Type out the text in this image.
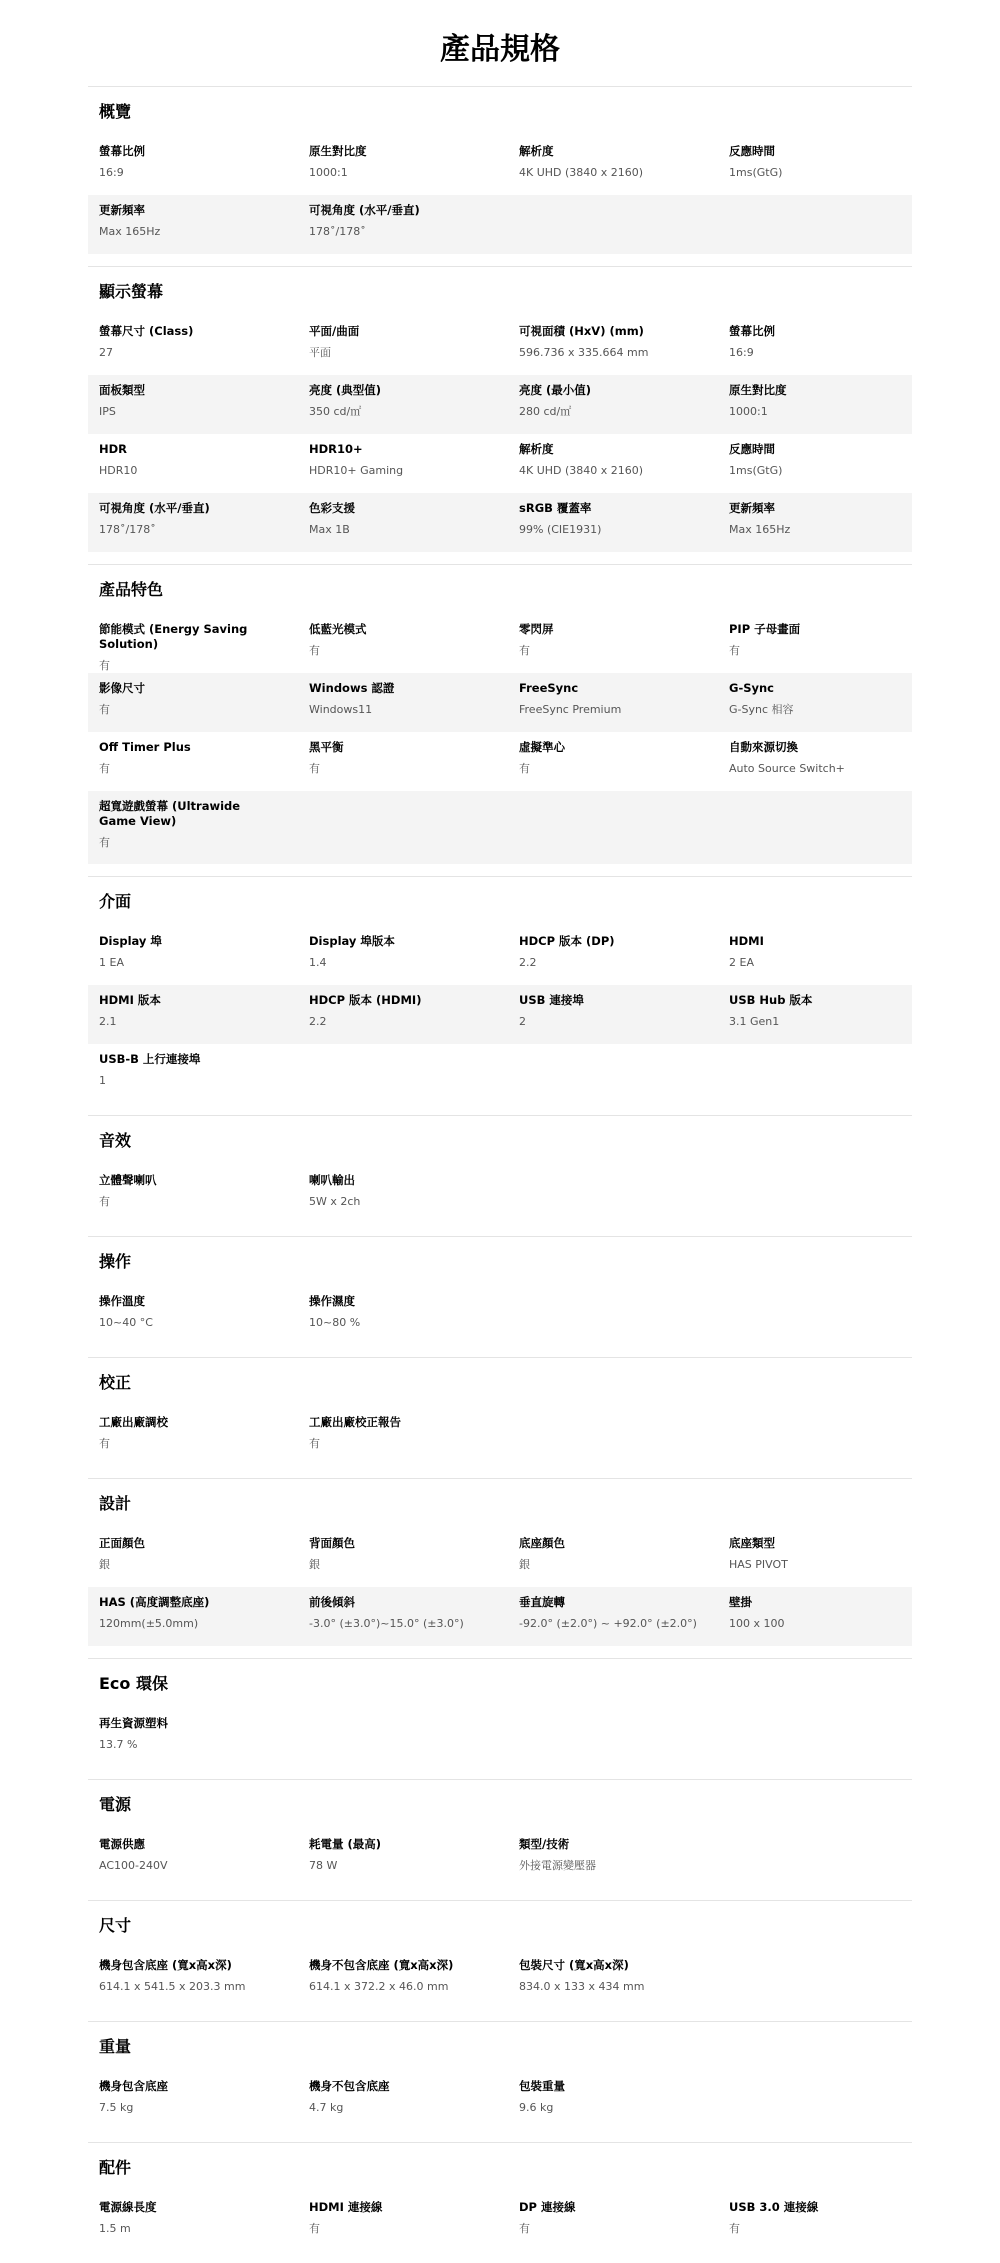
產品規格
概覽
螢幕比例
16:9
原生對比度
1000:1
解析度
4K UHD (3840 x 2160)
反應時間
1ms(GtG)
更新頻率
Max 165Hz
可視角度 (水平/垂直)
178˚/178˚
顯示螢幕
螢幕尺寸 (Class)
27
平面/曲面
平面
可視面積 (HxV) (mm)
596.736 x 335.664 mm
螢幕比例
16:9
面板類型
IPS
亮度 (典型值)
350 cd/㎡
亮度 (最小值)
280 cd/㎡
原生對比度
1000:1
HDR
HDR10
HDR10+
HDR10+ Gaming
解析度
4K UHD (3840 x 2160)
反應時間
1ms(GtG)
可視角度 (水平/垂直)
178˚/178˚
色彩支援
Max 1B
sRGB 覆蓋率
99% (CIE1931)
更新頻率
Max 165Hz
產品特色
節能模式 (Energy Saving Solution)
有
低藍光模式
有
零閃屏
有
PIP 子母畫面
有
影像尺寸
有
Windows 認證
Windows11
FreeSync
FreeSync Premium
G-Sync
G-Sync 相容
Off Timer Plus
有
黑平衡
有
虛擬準心
有
自動來源切換
Auto Source Switch+
超寬遊戲螢幕 (Ultrawide Game View)
有
介面
Display 埠
1 EA
Display 埠版本
1.4
HDCP 版本 (DP)
2.2
HDMI
2 EA
HDMI 版本
2.1
HDCP 版本 (HDMI)
2.2
USB 連接埠
2
USB Hub 版本
3.1 Gen1
USB-B 上行連接埠
1
音效
立體聲喇叭
有
喇叭輸出
5W x 2ch
操作
操作溫度
10~40 °C
操作濕度
10~80 %
校正
工廠出廠調校
有
工廠出廠校正報告
有
設計
正面顏色
銀
背面顏色
銀
底座顏色
銀
底座類型
HAS PIVOT
HAS (高度調整底座)
120mm(±5.0mm)
前後傾斜
-3.0° (±3.0°)~15.0° (±3.0°)
垂直旋轉
-92.0° (±2.0°) ~ +92.0° (±2.0°)
壁掛
100 x 100
Eco 環保
再生資源塑料
13.7 %
電源
電源供應
AC100-240V
耗電量 (最高)
78 W
類型/技術
外接電源變壓器
尺寸
機身包含底座 (寬x高x深)
614.1 x 541.5 x 203.3 mm
機身不包含底座 (寬x高x深)
614.1 x 372.2 x 46.0 mm
包裝尺寸 (寬x高x深)
834.0 x 133 x 434 mm
重量
機身包含底座
7.5 kg
機身不包含底座
4.7 kg
包裝重量
9.6 kg
配件
電源線長度
1.5 m
HDMI 連接線
有
DP 連接線
有
USB 3.0 連接線
有
